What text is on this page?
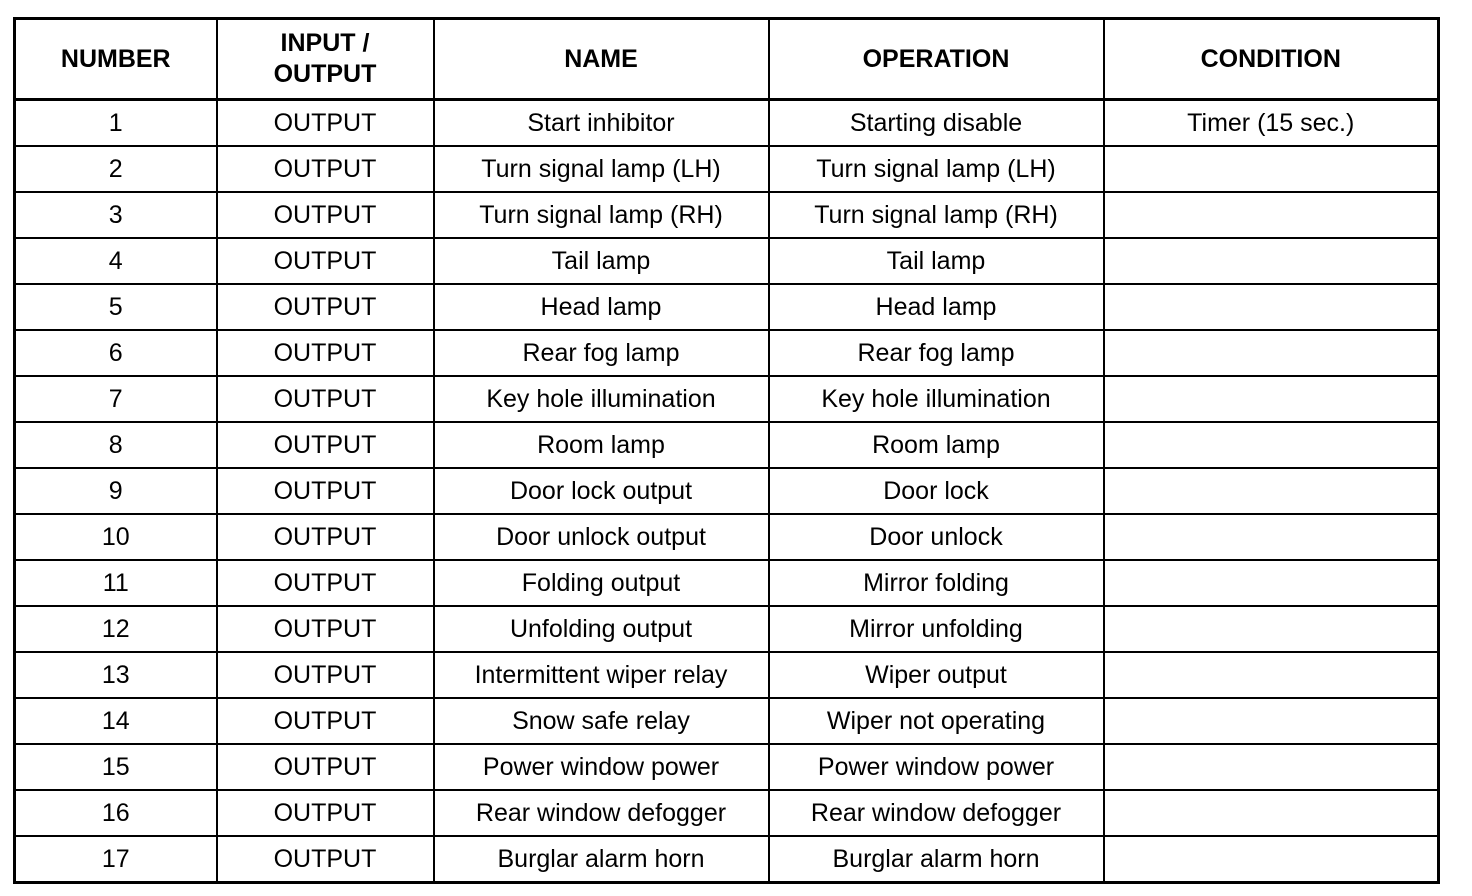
NUMBER	INPUT /
OUTPUT	NAME	OPERATION	CONDITION
1	OUTPUT	Start inhibitor	Starting disable	Timer (15 sec.)
2	OUTPUT	Turn signal lamp (LH)	Turn signal lamp (LH)	
3	OUTPUT	Turn signal lamp (RH)	Turn signal lamp (RH)	
4	OUTPUT	Tail lamp	Tail lamp	
5	OUTPUT	Head lamp	Head lamp	
6	OUTPUT	Rear fog lamp	Rear fog lamp	
7	OUTPUT	Key hole illumination	Key hole illumination	
8	OUTPUT	Room lamp	Room lamp	
9	OUTPUT	Door lock output	Door lock	
10	OUTPUT	Door unlock output	Door unlock	
11	OUTPUT	Folding output	Mirror folding	
12	OUTPUT	Unfolding output	Mirror unfolding	
13	OUTPUT	Intermittent wiper relay	Wiper output	
14	OUTPUT	Snow safe relay	Wiper not operating	
15	OUTPUT	Power window power	Power window power	
16	OUTPUT	Rear window defogger	Rear window defogger	
17	OUTPUT	Burglar alarm horn	Burglar alarm horn	
